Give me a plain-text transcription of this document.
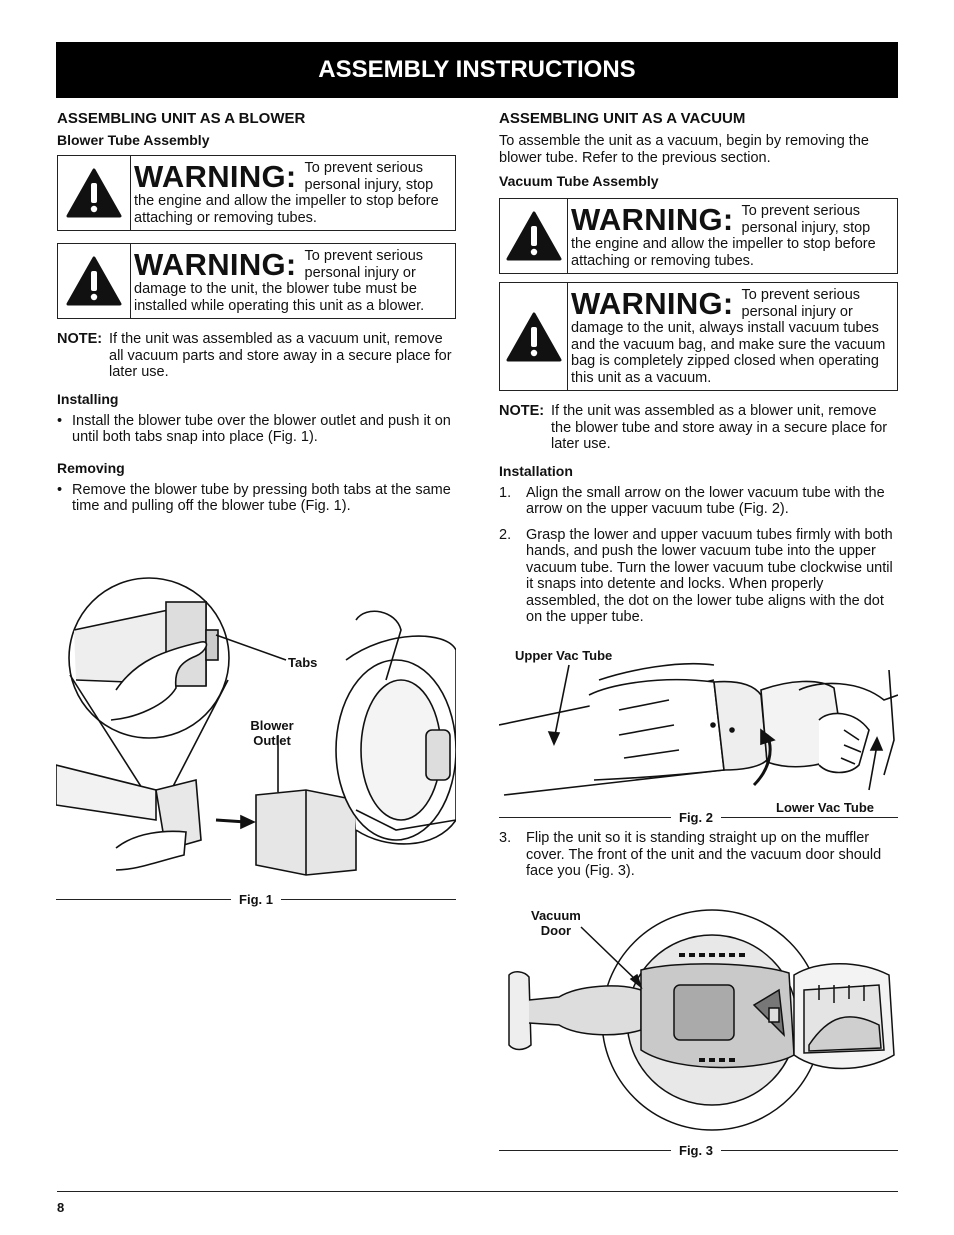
ASSEMBLY INSTRUCTIONS
ASSEMBLING UNIT AS A BLOWER
Blower Tube Assembly
WARNING: To prevent serious personal injury, stop the engine and allow the impeller to stop before attaching or removing tubes.
WARNING: To prevent serious personal injury or damage to the unit, the blower tube must be installed while operating this unit as a blower.
NOTE: If the unit was assembled as a vacuum unit, remove all vacuum parts and store away in a secure place for later use.
Installing
• Install the blower tube over the blower outlet and push it on until both tabs snap into place (Fig. 1).
Removing
• Remove the blower tube by pressing both tabs at the same time and pulling off the blower tube (Fig. 1).
Tabs
Blower
Outlet
Fig. 1
ASSEMBLING UNIT AS A VACUUM
To assemble the unit as a vacuum, begin by removing the blower tube. Refer to the previous section.
Vacuum Tube Assembly
WARNING: To prevent serious personal injury, stop the engine and allow the impeller to stop before attaching or removing tubes.
WARNING: To prevent serious personal injury or damage to the unit, always install vacuum tubes and the vacuum bag, and make sure the vacuum bag is completely zipped closed when operating this unit as a vacuum.
NOTE: If the unit was assembled as a blower unit, remove the blower tube and store away in a secure place for later use.
Installation
1.	Align the small arrow on the lower vacuum tube with the arrow on the upper vacuum tube (Fig. 2).
2.	Grasp the lower and upper vacuum tubes firmly with both hands, and push the lower vacuum tube into the upper vacuum tube. Turn the lower vacuum tube clockwise until it snaps into detente and locks. When properly assembled, the dot on the lower tube aligns with the dot on the upper tube.
Upper Vac Tube
Lower Vac Tube
Fig. 2
3.	Flip the unit so it is standing straight up on the muffler cover. The front of the unit and the vacuum door should face you (Fig. 3).
Vacuum
Door
Fig. 3
8
